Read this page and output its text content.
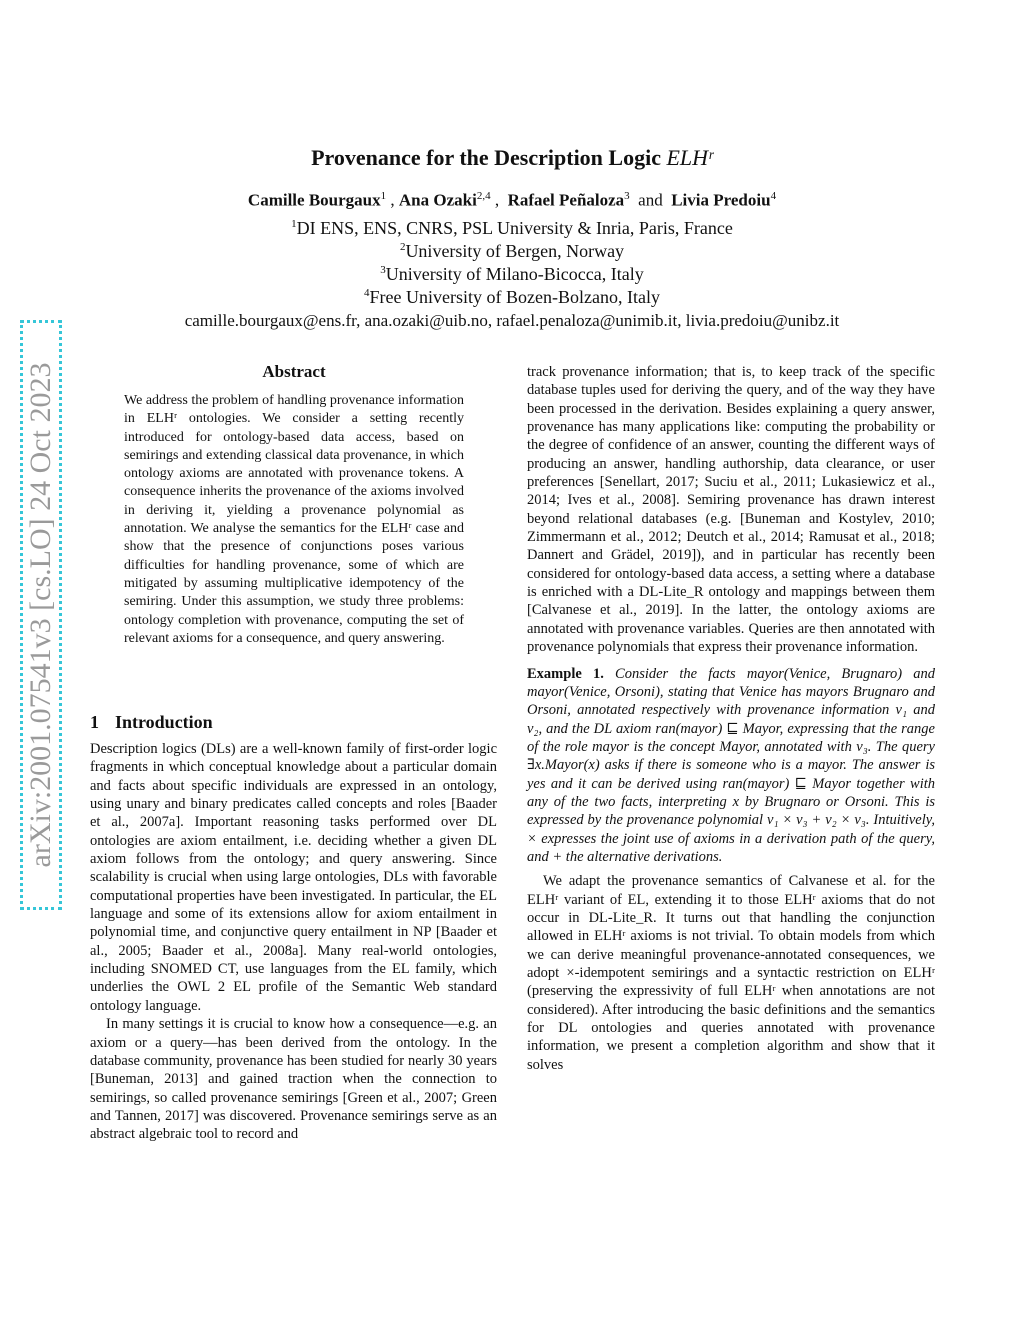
arXiv:2001.07541v3 [cs.LO] 24 Oct 2023
Provenance for the Description Logic ELHʳ
Camille Bourgaux$^1$ , Ana Ozaki$^{2,4}$ ,  Rafael Peñaloza$^3$  and  Livia Predoiu$^4$
$^1$DI ENS, ENS, CNRS, PSL University & Inria, Paris, France
$^2$University of Bergen, Norway
$^3$University of Milano-Bicocca, Italy
$^4$Free University of Bozen-Bolzano, Italy
camille.bourgaux@ens.fr, ana.ozaki@uib.no, rafael.penaloza@unimib.it, livia.predoiu@unibz.it
Abstract
We address the problem of handling provenance information in ELHʳ ontologies. We consider a setting recently introduced for ontology-based data access, based on semirings and extending classical data provenance, in which ontology axioms are annotated with provenance tokens. A consequence inherits the provenance of the axioms involved in deriving it, yielding a provenance polynomial as annotation. We analyse the semantics for the ELHʳ case and show that the presence of conjunctions poses various difficulties for handling provenance, some of which are mitigated by assuming multiplicative idempotency of the semiring. Under this assumption, we study three problems: ontology completion with provenance, computing the set of relevant axioms for a consequence, and query answering.
1 Introduction

Description logics (DLs) are a well-known family of first-order logic fragments in which conceptual knowledge about a particular domain and facts about specific individuals are expressed in an ontology, using unary and binary predicates called concepts and roles [Baader et al., 2007a]. Important reasoning tasks performed over DL ontologies are axiom entailment, i.e. deciding whether a given DL axiom follows from the ontology; and query answering. Since scalability is crucial when using large ontologies, DLs with favorable computational properties have been investigated. In particular, the EL language and some of its extensions allow for axiom entailment in polynomial time, and conjunctive query entailment in NP [Baader et al., 2005; Baader et al., 2008a]. Many real-world ontologies, including SNOMED CT, use languages from the EL family, which underlies the OWL 2 EL profile of the Semantic Web standard ontology language.

In many settings it is crucial to know how a consequence—e.g. an axiom or a query—has been derived from the ontology. In the database community, provenance has been studied for nearly 30 years [Buneman, 2013] and gained traction when the connection to semirings, so called provenance semirings [Green et al., 2007; Green and Tannen, 2017] was discovered. Provenance semirings serve as an abstract algebraic tool to record and

track provenance information; that is, to keep track of the specific database tuples used for deriving the query, and of the way they have been processed in the derivation. Besides explaining a query answer, provenance has many applications like: computing the probability or the degree of confidence of an answer, counting the different ways of producing an answer, handling authorship, data clearance, or user preferences [Senellart, 2017; Suciu et al., 2011; Lukasiewicz et al., 2014; Ives et al., 2008]. Semiring provenance has drawn interest beyond relational databases (e.g. [Buneman and Kostylev, 2010; Zimmermann et al., 2012; Deutch et al., 2014; Ramusat et al., 2018; Dannert and Grädel, 2019]), and in particular has recently been considered for ontology-based data access, a setting where a database is enriched with a DL-Lite_R ontology and mappings between them [Calvanese et al., 2019]. In the latter, the ontology axioms are annotated with provenance variables. Queries are then annotated with provenance polynomials that express their provenance information.

Example 1. Consider the facts mayor(Venice, Brugnaro) and mayor(Venice, Orsoni), stating that Venice has mayors Brugnaro and Orsoni, annotated respectively with provenance information v₁ and v₂, and the DL axiom ran(mayor) ⊑ Mayor, expressing that the range of the role mayor is the concept Mayor, annotated with v₃. The query ∃x.Mayor(x) asks if there is someone who is a mayor. The answer is yes and it can be derived using ran(mayor) ⊑ Mayor together with any of the two facts, interpreting x by Brugnaro or Orsoni. This is expressed by the provenance polynomial v₁ × v₃ + v₂ × v₃. Intuitively, × expresses the joint use of axioms in a derivation path of the query, and + the alternative derivations.

We adapt the provenance semantics of Calvanese et al. for the ELHʳ variant of EL, extending it to those ELHʳ axioms that do not occur in DL-Lite_R. It turns out that handling the conjunction allowed in ELHʳ axioms is not trivial. To obtain models from which we can derive meaningful provenance-annotated consequences, we adopt ×-idempotent semirings and a syntactic restriction on ELHʳ (preserving the expressivity of full ELHʳ when annotations are not considered). After introducing the basic definitions and the semantics for DL ontologies and queries annotated with provenance information, we present a completion algorithm and show that it solves
